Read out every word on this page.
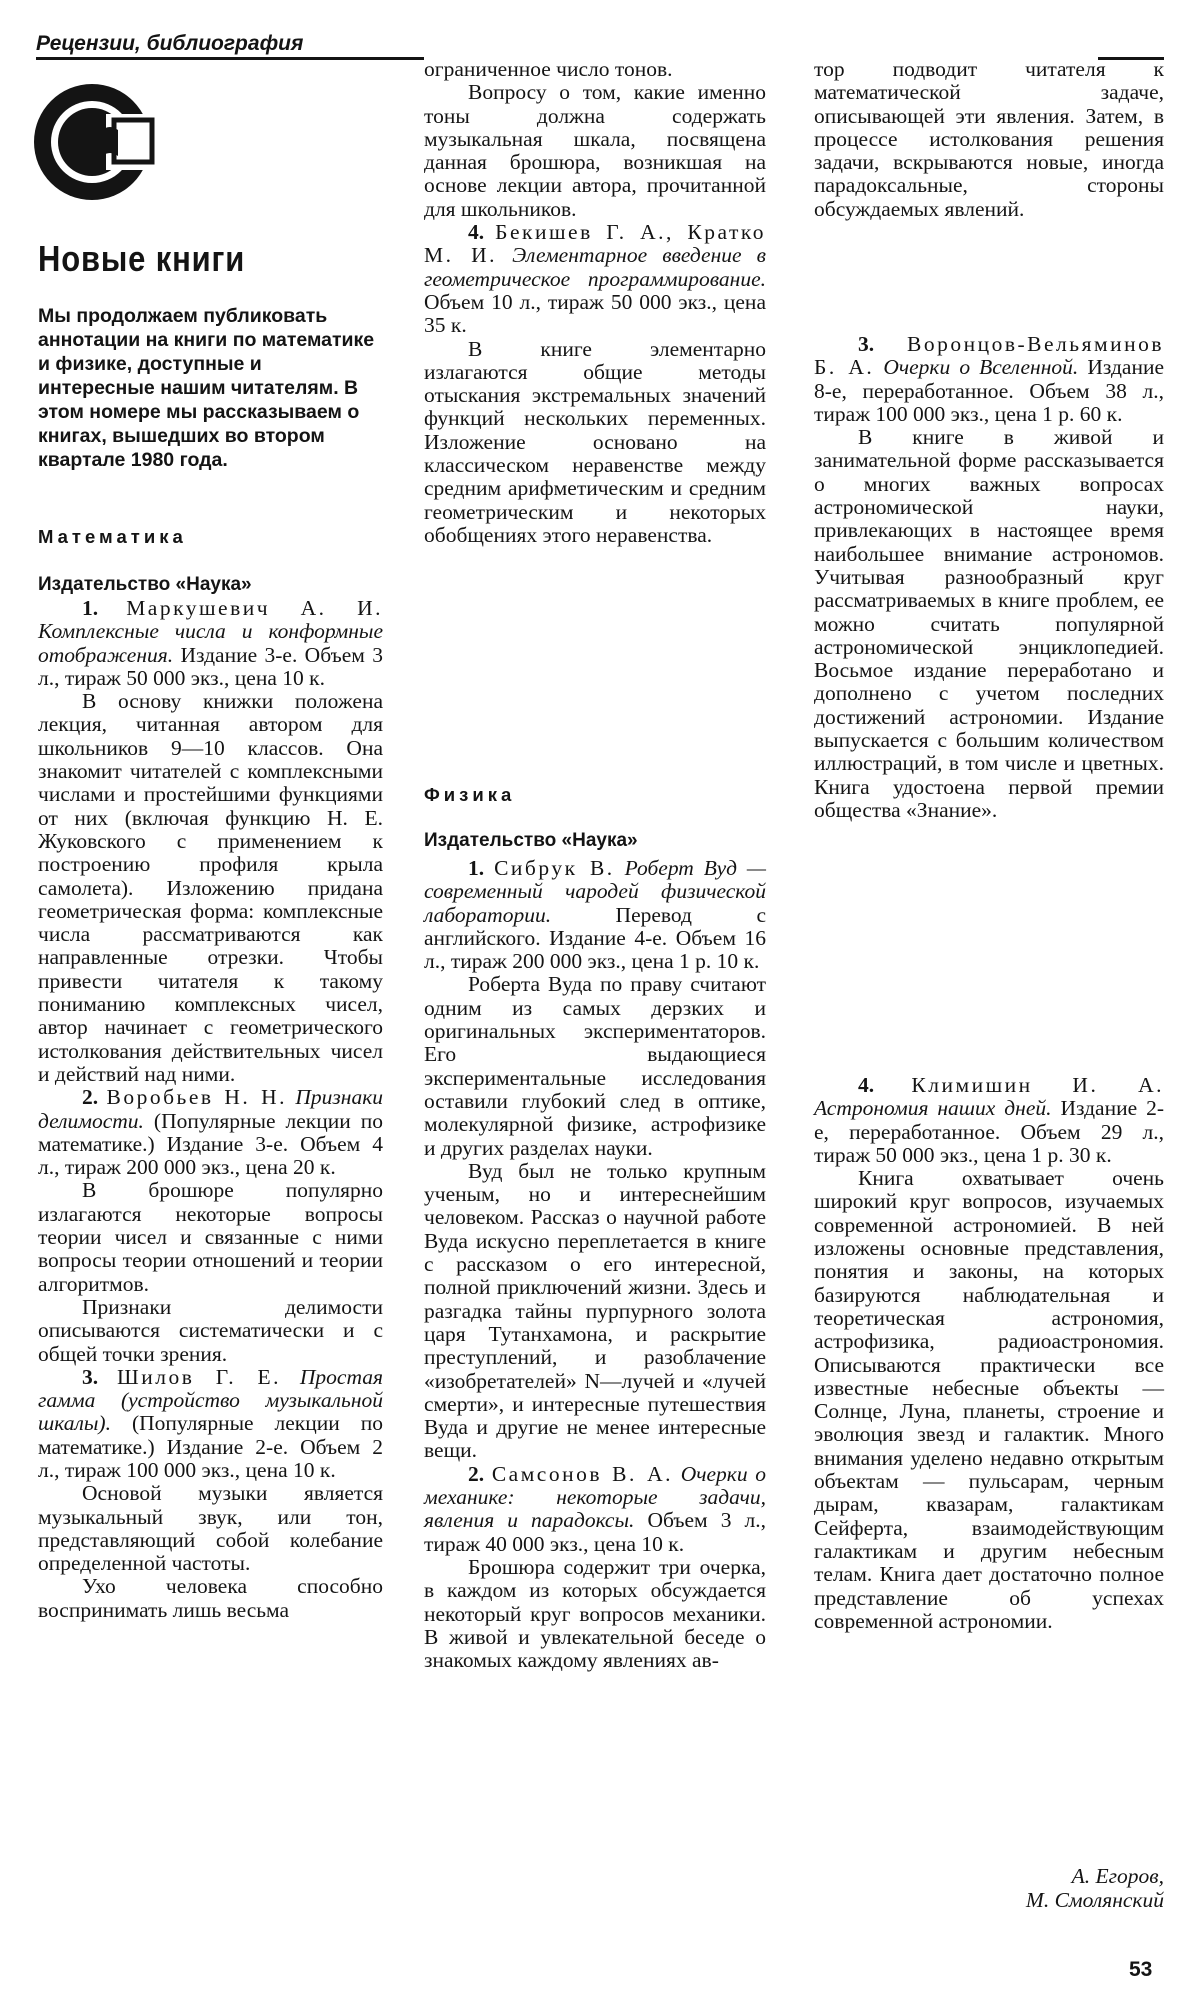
Рецензии, библиография
Новые книги
Мы продолжаем публиковать аннотации на книги по математике и физике, доступные и интересные нашим читателям. В этом номере мы рассказываем о книгах, вышедших во втором квартале 1980 года.
Математика
Издательство «Наука»

1. Маркушевич А. И. Комплексные числа и конформные отображения. Издание 3-е. Объем 3 л., тираж 50 000 экз., цена 10 к.

В основу книжки положена лекция, читанная автором для школьников 9—10 классов. Она знакомит читателей с комплексными числами и простейшими функциями от них (включая функцию Н. Е. Жуковского с применением к построению профиля крыла самолета). Изложению придана геометрическая форма: комплексные числа рассматриваются как направленные отрезки. Чтобы привести читателя к такому пониманию комплексных чисел, автор начинает с геометрического истолкования действительных чисел и действий над ними.

2. Воробьев Н. Н. Признаки делимости. (Популярные лекции по математике.) Издание 3-е. Объем 4 л., тираж 200 000 экз., цена 20 к.

В брошюре популярно излагаются некоторые вопросы теории чисел и связанные с ними вопросы теории отношений и теории алгоритмов.

Признаки делимости описываются систематически и с общей точки зрения.

3. Шилов Г. Е. Простая гамма (устройство музыкальной шкалы). (Популярные лекции по математике.) Издание 2-е. Объем 2 л., тираж 100 000 экз., цена 10 к.

Основой музыки является музыкальный звук, или тон, представляющий собой колебание определенной частоты.

Ухо человека способно воспринимать лишь весьма

ограниченное число тонов.

Вопросу о том, какие именно тоны должна содержать музыкальная шкала, посвящена данная брошюра, возникшая на основе лекции автора, прочитанной для школьников.

4. Бекишев Г. А., Кратко М. И. Элементарное введение в геометрическое программирование. Объем 10 л., тираж 50 000 экз., цена 35 к.

В книге элементарно излагаются общие методы отыскания экстремальных значений функций нескольких переменных. Изложение основано на классическом неравенстве между средним арифметическим и средним геометрическим и некоторых обобщениях этого неравенства.

Физика
Издательство «Наука»

1. Сибрук В. Роберт Вуд — современный чародей физической лаборатории.	Перевод с английского. Издание 4-е. Объем 16 л., тираж 200 000 экз., цена 1 р. 10 к.

Роберта Вуда по праву считают одним из самых дерзких и оригинальных экспериментаторов. Его выдающиеся экспериментальные исследования оставили глубокий след в оптике, молекулярной физике, астрофизике и других разделах науки.

Вуд был не только крупным ученым, но и интереснейшим человеком. Рассказ о научной работе Вуда искусно переплетается в книге с рассказом о его интересной, полной приключений жизни. Здесь и разгадка тайны пурпурного золота царя Тутанхамона, и раскрытие преступлений, и разоблачение «изобретателей» N—лучей и «лучей смерти», и интересные путешествия Вуда и другие не менее интересные вещи.

2. Самсонов В. А. Очерки о механике: некоторые задачи, явления и парадоксы. Объем 3 л., тираж 40 000 экз., цена 10 к.

Брошюра содержит три очерка, в каждом из которых обсуждается некоторый круг вопросов механики. В живой и увлекательной беседе о знакомых каждому явлениях ав-

тор подводит читателя к математической задаче, описывающей эти явления. Затем, в процессе истолкования решения задачи, вскрываются новые, иногда парадоксальные, стороны обсуждаемых явлений.

3. Воронцов-Вельяминов Б. А. Очерки о Вселенной. Издание 8-е, переработанное. Объем 38 л., тираж 100 000 экз., цена 1 р. 60 к.

В книге в живой и занимательной форме рассказывается о многих важных вопросах астрономической науки, привлекающих в настоящее время наибольшее внимание астрономов. Учитывая разнообразный круг рассматриваемых в книге проблем, ее можно считать популярной астрономической энциклопедией. Восьмое издание переработано и дополнено с учетом последних достижений астрономии. Издание выпускается с большим количеством иллюстраций, в том числе и цветных. Книга удостоена первой премии общества «Знание».

4. Климишин И. А. Астрономия наших дней. Издание 2-е, переработанное. Объем 29 л., тираж 50 000 экз., цена 1 р. 30 к.

Книга охватывает очень широкий круг вопросов, изучаемых современной астрономией. В ней изложены основные представления, понятия и законы, на которых базируются наблюдательная и теоретическая астрономия, астрофизика, радиоастрономия. Описываются практически все известные небесные объекты — Солнце, Луна, планеты, строение и эволюция звезд и галактик. Много внимания уделено недавно открытым объектам — пульсарам, черным дырам, квазарам, галактикам Сейферта, взаимодействующим галактикам и другим небесным телам. Книга дает достаточно полное представление об успехах современной астрономии.

А. Егоров,
М. Смолянский
53
